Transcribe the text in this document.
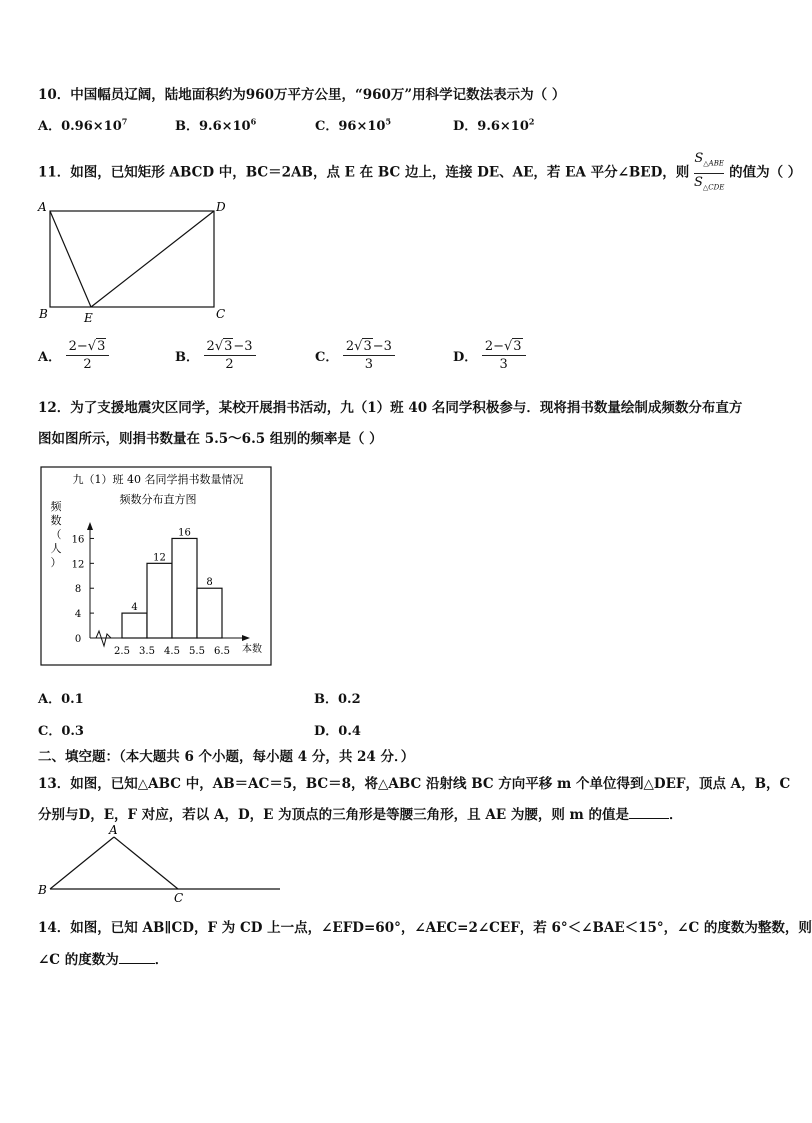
10．中国幅员辽阔，陆地面积约为960万平方公里，“960万”用科学记数法表示为（ ）
A．$0.96\times 10^7$	B．$9.6\times 10^6$	C．$96\times 10^5$	D．$9.6\times 10^2$
11．如图，已知矩形 ABCD 中，BC＝2AB，点 E 在 BC 边上，连接 DE、AE，若 EA 平分∠BED，则
$S_{\triangle ABE}$
$S_{\triangle CDE}$
的值为（ ）
A	D
B	E	C
A． $\frac{2-√3}{2}$	B． $\frac{2√3-3}{2}$	C． $\frac{2√3-3}{3}$	D． $\frac{2-√3}{3}$
12．为了支援地震灾区同学，某校开展捐书活动，九（1）班 40 名同学积极参与．现将捐书数量绘制成频数分布直方
图如图所示，则捐书数量在 5.5～6.5 组别的频率是（ ）
九（1）班 40 名同学捐书数量情况
频数分布直方图
频
数
（
人
）
本数
4
12
16
8
0
4
8
12
16
2.5 3.5 4.5 5.5 6.5
A．0.1	B．0.2
C．0.3	D．0.4
二、填空题：（本大题共 6 个小题，每小题 4 分，共 24 分．）
13．如图，已知△ABC 中，AB＝AC＝5，BC＝8，将△ABC 沿射线 BC 方向平移 m 个单位得到△DEF，顶点 A，B，C
分别与D，E，F 对应，若以 A，D，E 为顶点的三角形是等腰三角形，且 AE 为腰，则 m 的值是	．
A
B
C
14．如图，已知 AB∥CD，F 为 CD 上一点，∠EFD=60°，∠AEC=2∠CEF，若 6°＜∠BAE＜15°，∠C 的度数为整数，则
∠C 的度数为	．
